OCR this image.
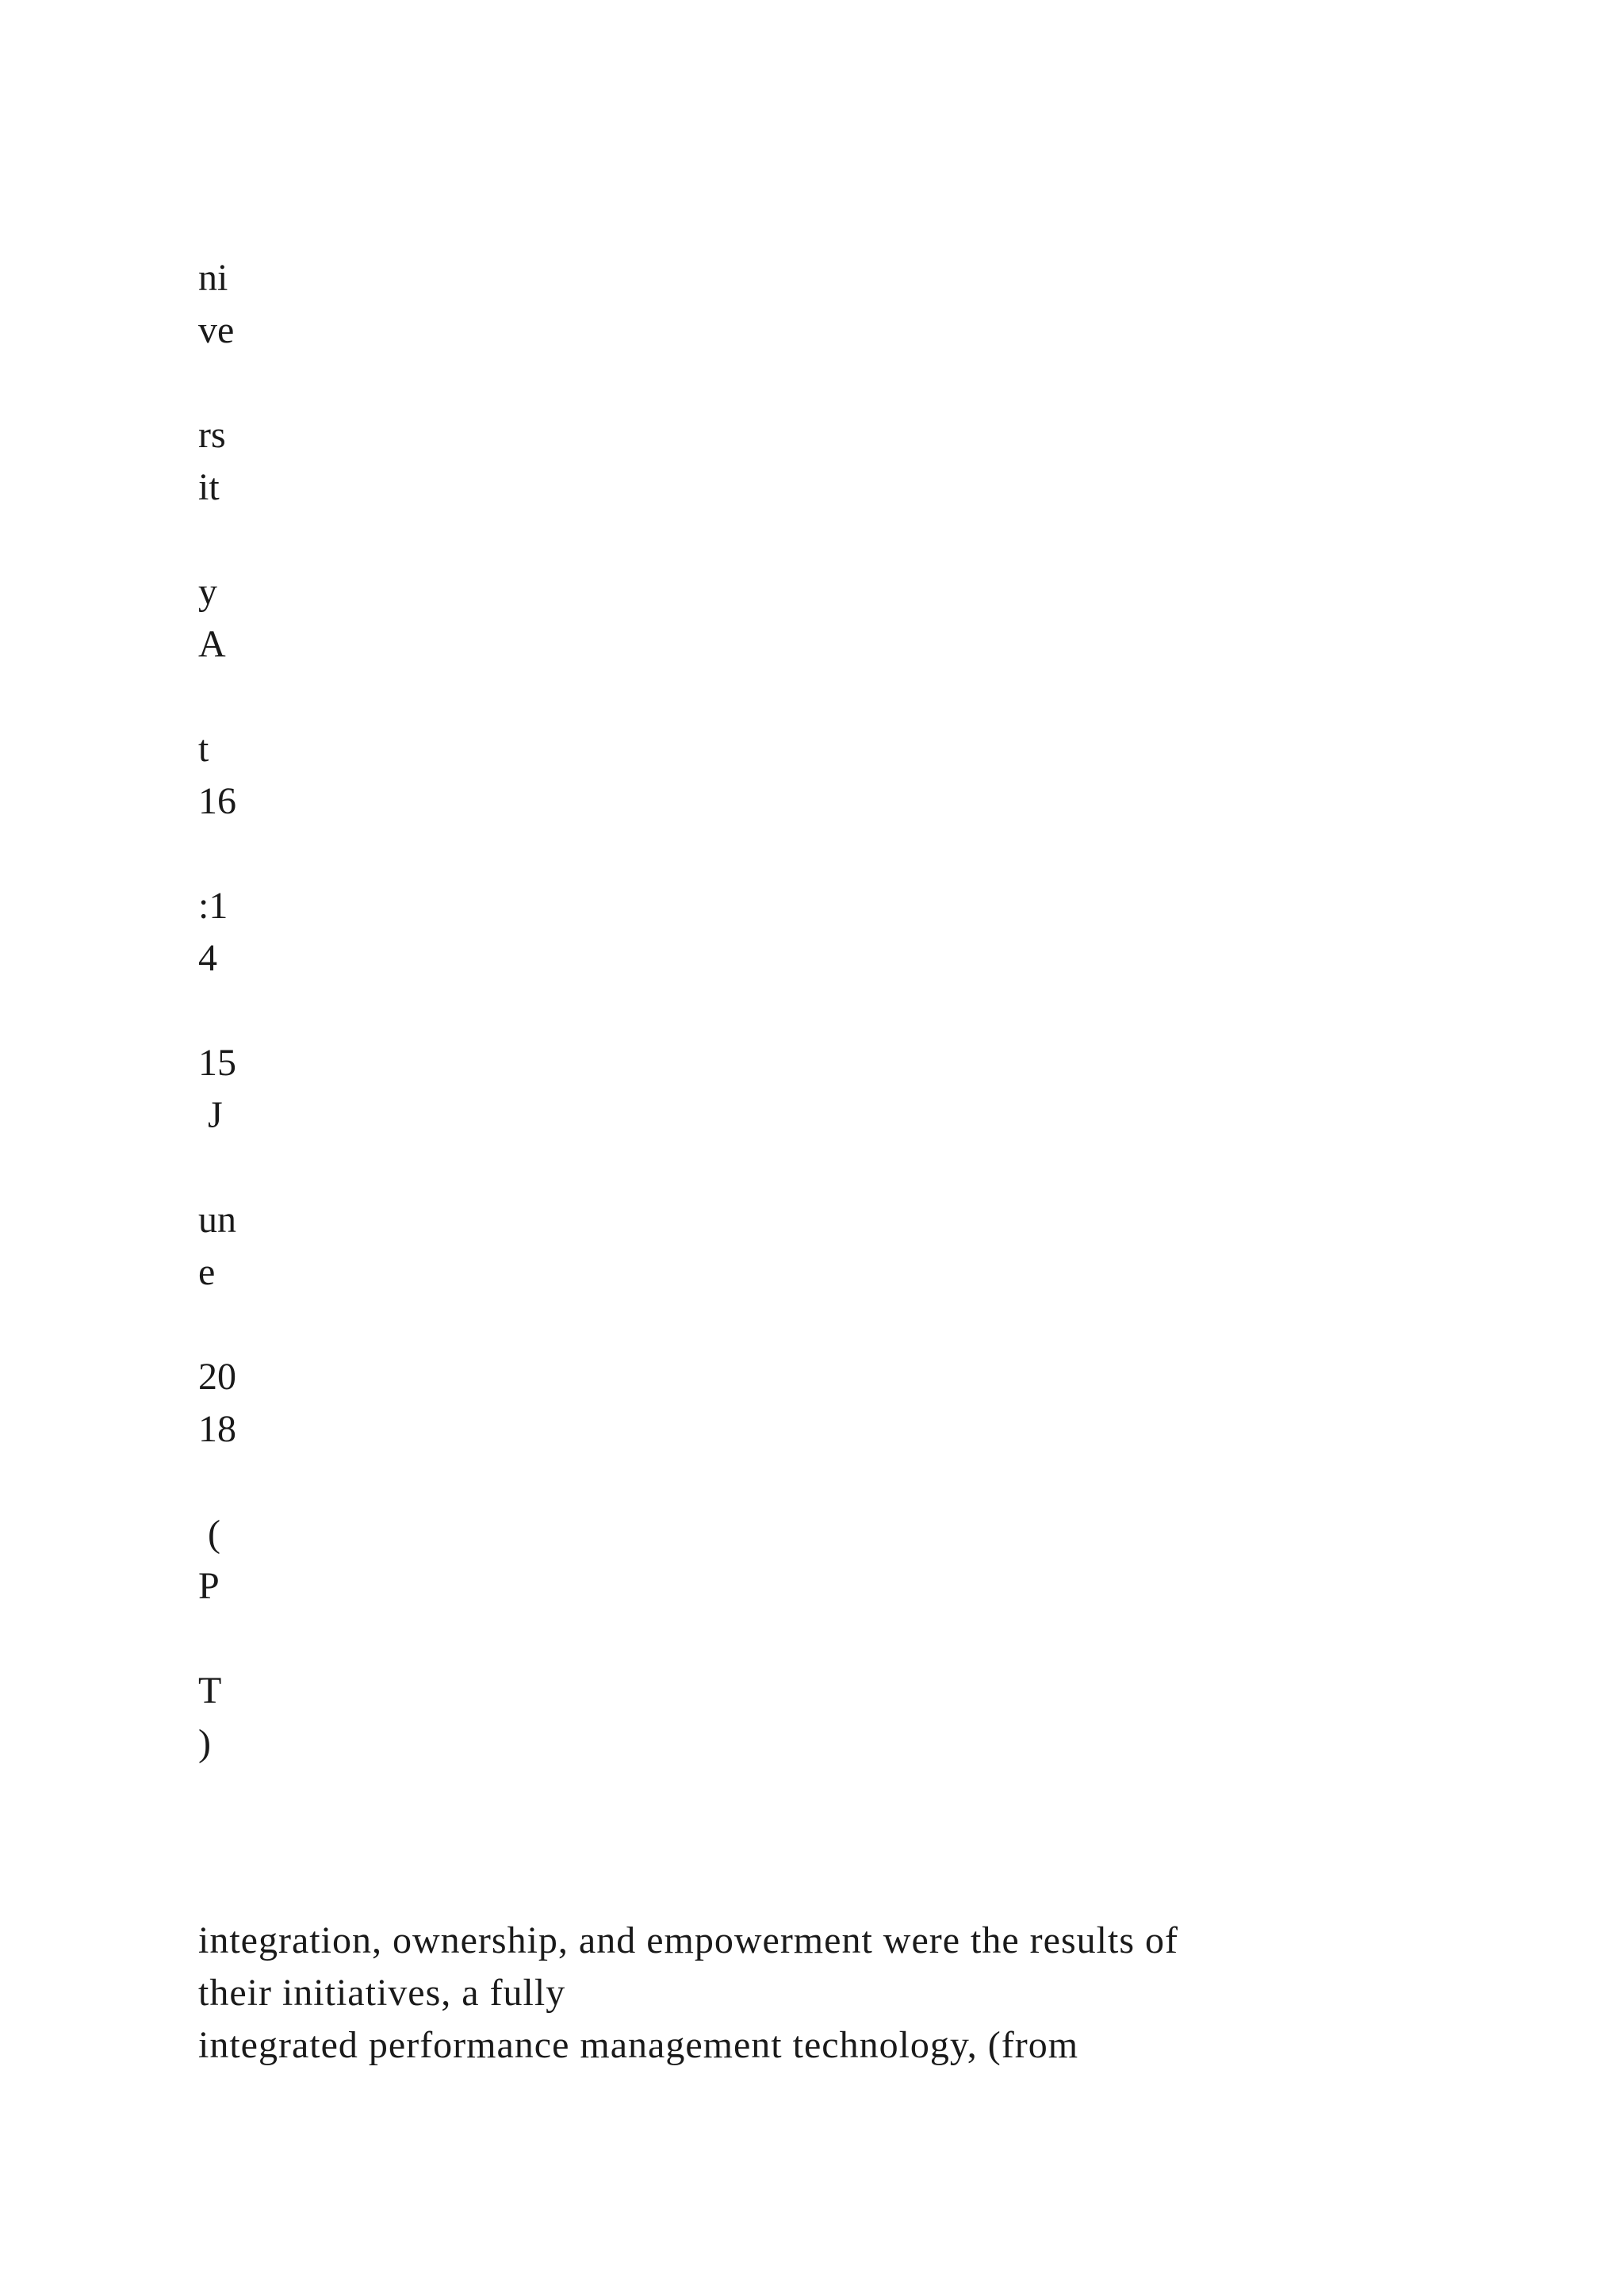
ni
ve
rs
it
y
A
t
16
:1
4
15
J
un
e
20
18
(
P
T
)
integration, ownership, and empowerment were the results of
their initiatives, a fully
integrated performance management technology, (from
